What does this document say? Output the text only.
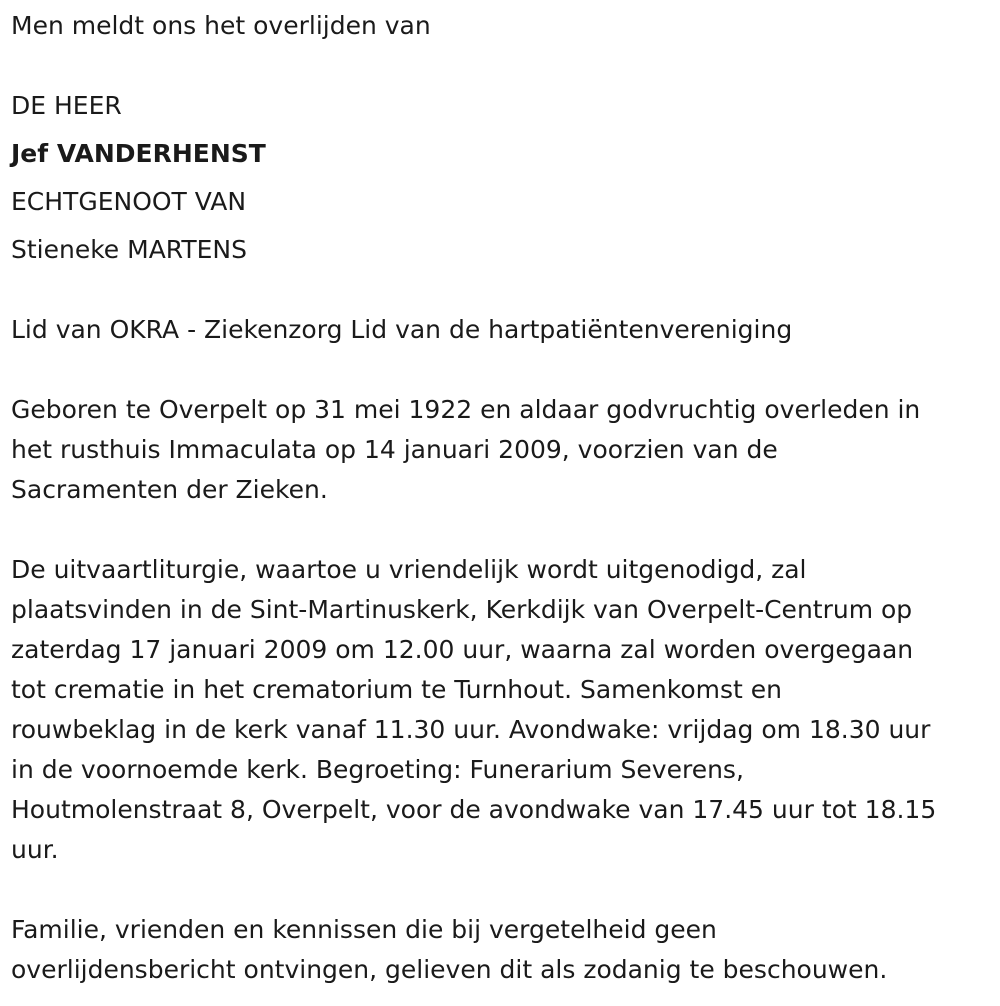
Men meldt ons het overlijden van
DE HEER
Jef VANDERHENST
ECHTGENOOT VAN
Stieneke MARTENS
Lid van OKRA - Ziekenzorg Lid van de hartpatiëntenvereniging
Geboren te Overpelt op 31 mei 1922 en aldaar godvruchtig overleden in
het rusthuis Immaculata op 14 januari 2009, voorzien van de
Sacramenten der Zieken.
De uitvaartliturgie, waartoe u vriendelijk wordt uitgenodigd, zal
plaatsvinden in de Sint-Martinuskerk, Kerkdijk van Overpelt-Centrum op
zaterdag 17 januari 2009 om 12.00 uur, waarna zal worden overgegaan
tot crematie in het crematorium te Turnhout. Samenkomst en
rouwbeklag in de kerk vanaf 11.30 uur. Avondwake: vrijdag om 18.30 uur
in de voornoemde kerk. Begroeting: Funerarium Severens,
Houtmolenstraat 8, Overpelt, voor de avondwake van 17.45 uur tot 18.15
uur.
Familie, vrienden en kennissen die bij vergetelheid geen
overlijdensbericht ontvingen, gelieven dit als zodanig te beschouwen.
